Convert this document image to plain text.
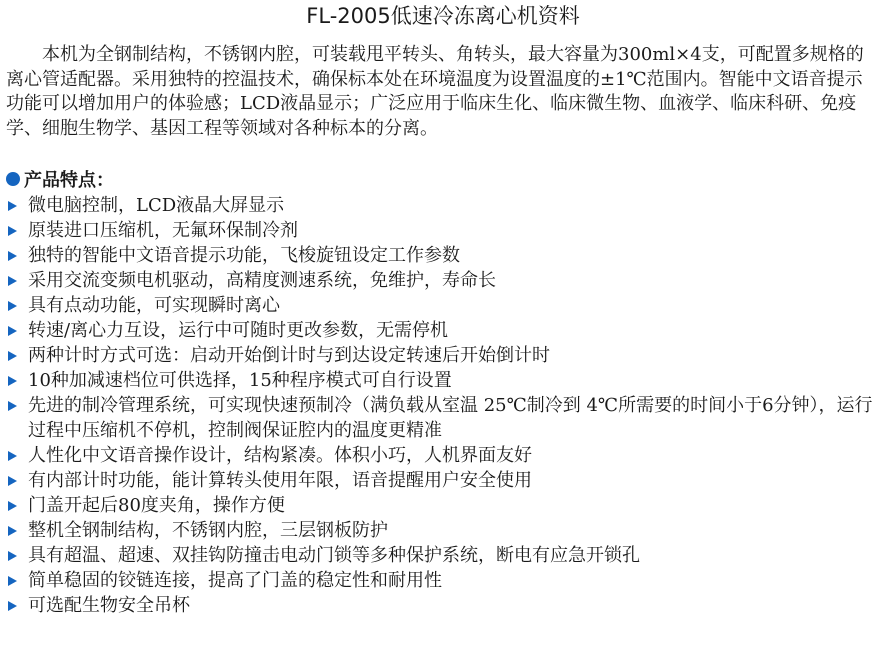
FL-2005低速冷冻离心机资料

本机为全钢制结构，不锈钢内腔，可装载甩平转头、角转头，最大容量为300ml×4支，可配置多规格的离心管适配器。采用独特的控温技术，确保标本处在环境温度为设置温度的±1℃范围内。智能中文语音提示功能可以增加用户的体验感；LCD液晶显示；广泛应用于临床生化、临床微生物、血液学、临床科研、免疫学、细胞生物学、基因工程等领域对各种标本的分离。

产品特点：
微电脑控制，LCD液晶大屏显示
原装进口压缩机，无氟环保制冷剂
独特的智能中文语音提示功能，飞梭旋钮设定工作参数
采用交流变频电机驱动，高精度测速系统，免维护，寿命长
具有点动功能，可实现瞬时离心
转速/离心力互设，运行中可随时更改参数，无需停机
两种计时方式可选：启动开始倒计时与到达设定转速后开始倒计时
10种加减速档位可供选择，15种程序模式可自行设置
先进的制冷管理系统，可实现快速预制冷（满负载从室温 25℃制冷到 4℃所需要的时间小于6分钟），运行过程中压缩机不停机，控制阀保证腔内的温度更精准
人性化中文语音操作设计，结构紧凑。体积小巧，人机界面友好
有内部计时功能，能计算转头使用年限，语音提醒用户安全使用
门盖开起后80度夹角，操作方便
整机全钢制结构，不锈钢内腔，三层钢板防护
具有超温、超速、双挂钩防撞击电动门锁等多种保护系统，断电有应急开锁孔
简单稳固的铰链连接，提高了门盖的稳定性和耐用性
可选配生物安全吊杯
